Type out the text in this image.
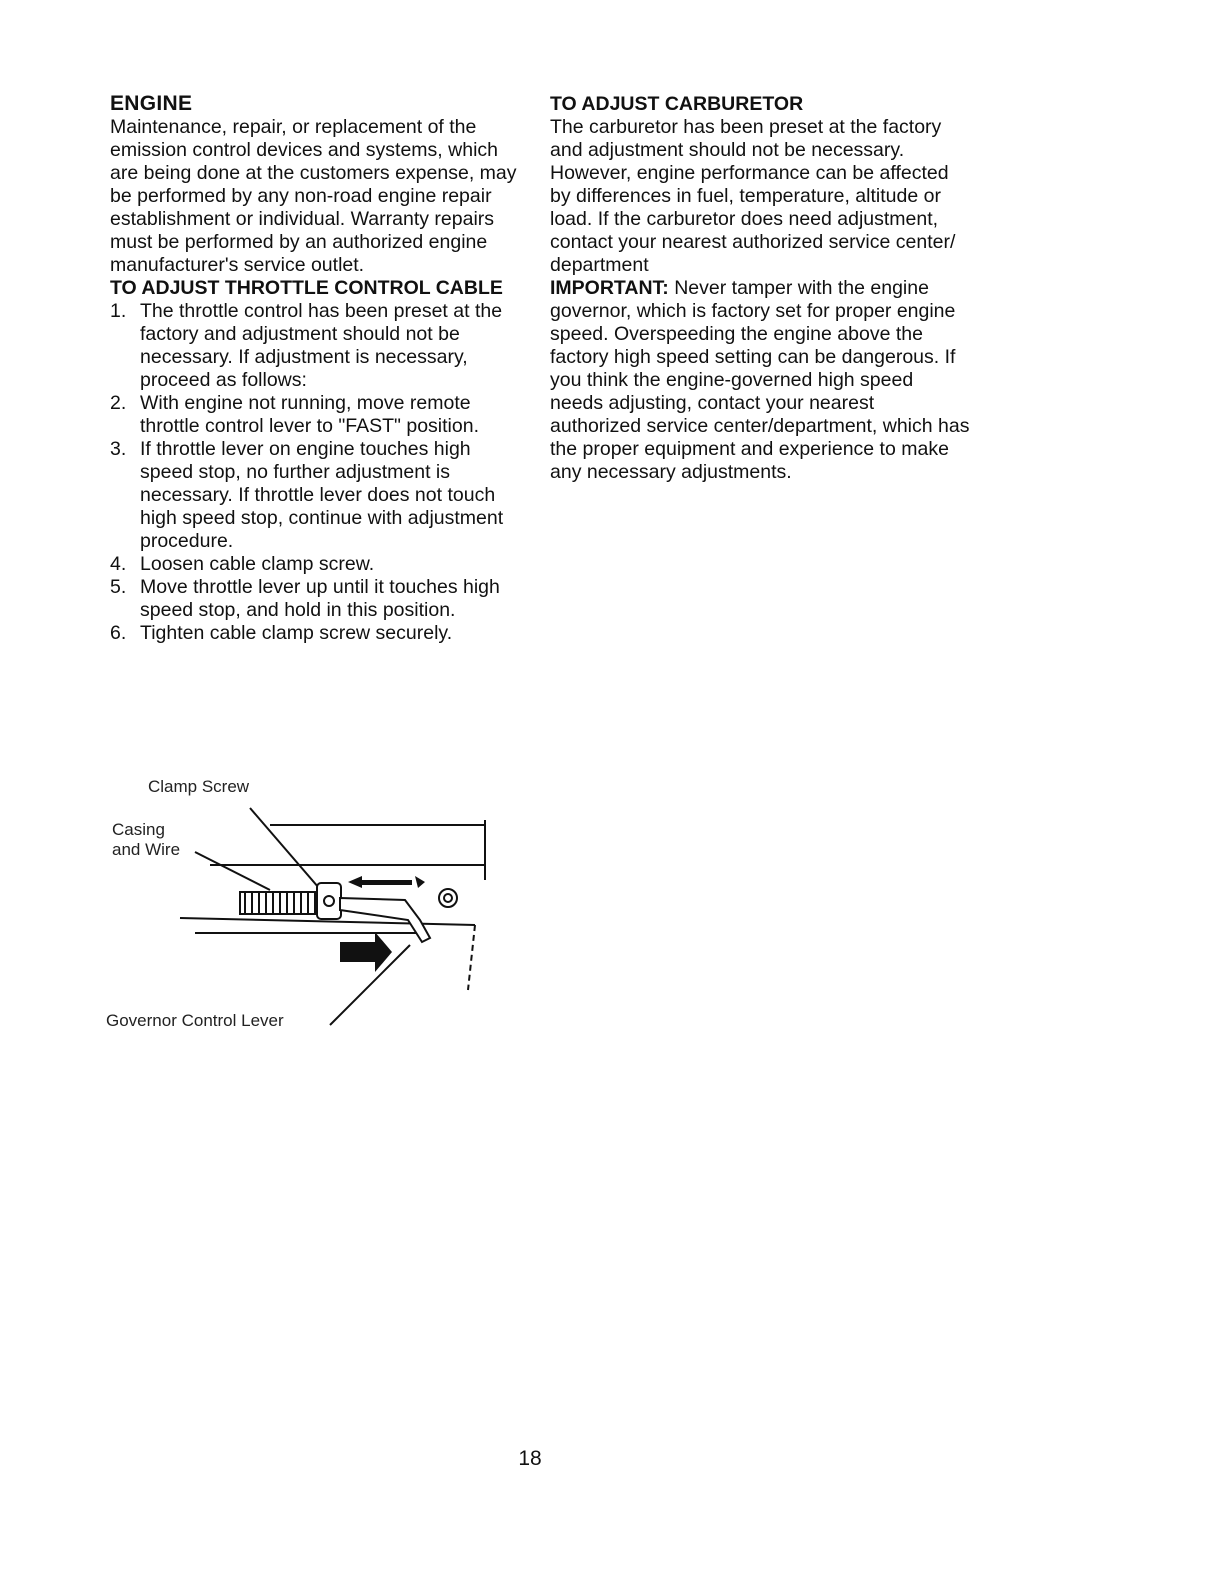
ENGINE

Maintenance, repair, or replacement of the emission control devices and systems, which are being done at the customers expense, may be performed by any non-road engine repair establishment or individual. Warranty repairs must be performed by an authorized engine manufacturer's service outlet.

TO ADJUST THROTTLE CONTROL CABLE
1. The throttle control has been preset at the factory and adjustment should not be necessary. If adjustment is necessary, proceed as follows:
2. With engine not running, move remote throttle control lever to "FAST" position.
3. If throttle lever on engine touches high speed stop, no further adjustment is necessary. If throttle lever does not touch high speed stop, continue with adjustment procedure.
4. Loosen cable clamp screw.
5. Move throttle lever up until it touches high speed stop, and hold in this position.
6. Tighten cable clamp screw securely.
Clamp Screw
Casing
and Wire
Governor Control Lever
TO ADJUST CARBURETOR

The carburetor has been preset at the factory and adjustment should not be necessary. However, engine performance can be affected by differences in fuel, temperature, altitude or load. If the carburetor does need adjustment, contact your nearest authorized service center/ department

IMPORTANT: Never tamper with the engine governor, which is factory set for proper engine speed. Overspeeding the engine above the factory high speed setting can be dangerous. If you think the engine-governed high speed needs adjusting, contact your nearest authorized service center/department, which has the proper equipment and experience to make any necessary adjustments.

18
